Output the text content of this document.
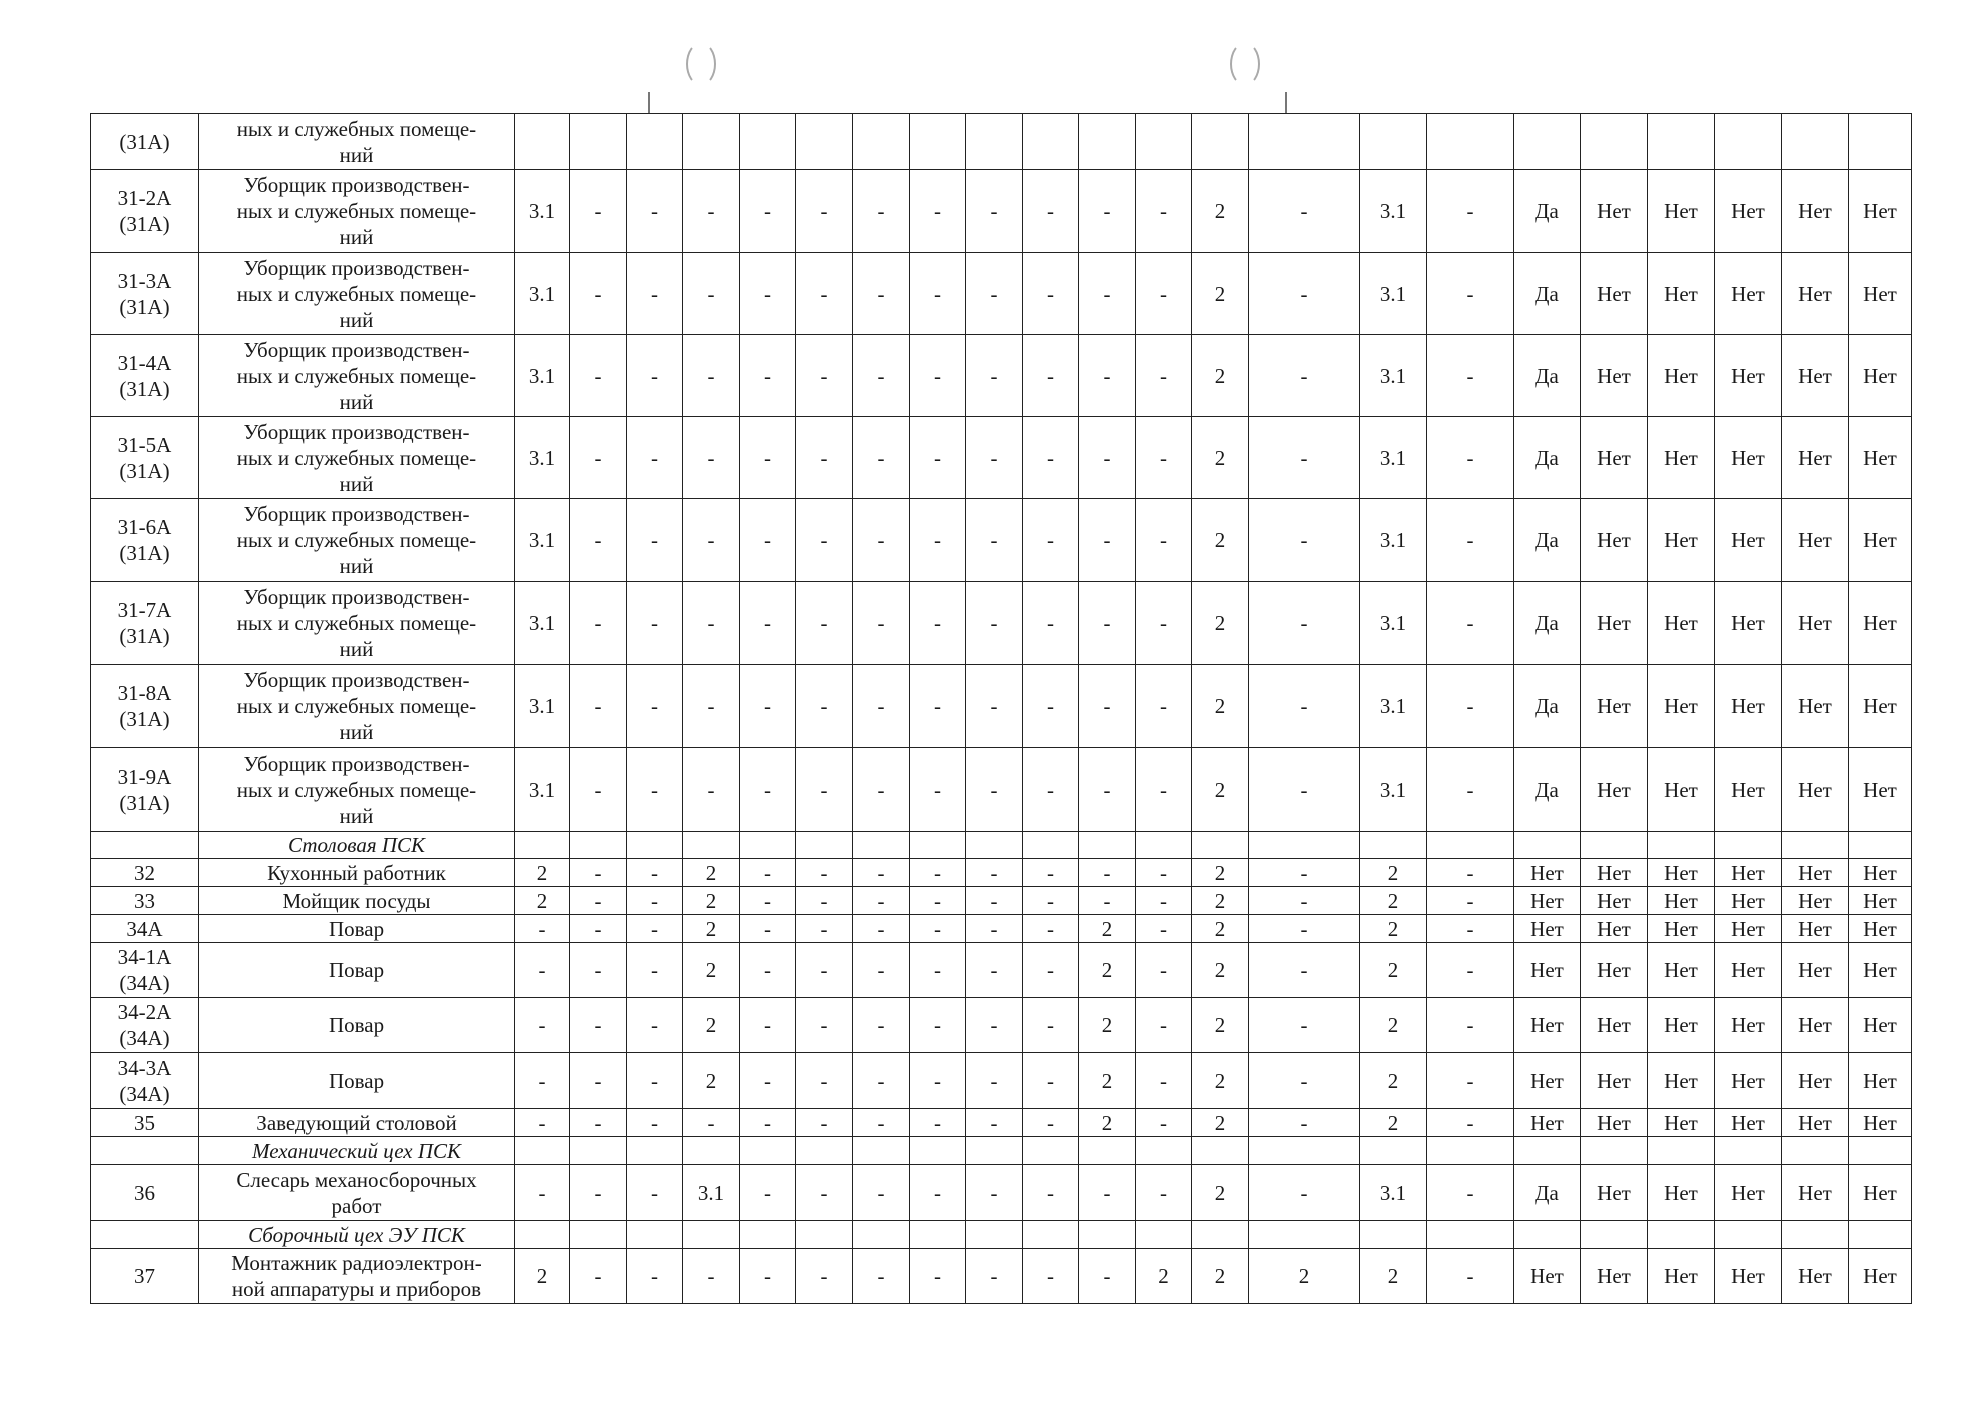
(31A)	ных и служебных помеще-
ний																						
31-2А
(31А)	Уборщик производствен-
ных и служебных помеще-
ний	3.1	-	-	-	-	-	-	-	-	-	-	-	2	-	3.1	-	Да	Нет	Нет	Нет	Нет	Нет
31-3А
(31А)	Уборщик производствен-
ных и служебных помеще-
ний	3.1	-	-	-	-	-	-	-	-	-	-	-	2	-	3.1	-	Да	Нет	Нет	Нет	Нет	Нет
31-4А
(31А)	Уборщик производствен-
ных и служебных помеще-
ний	3.1	-	-	-	-	-	-	-	-	-	-	-	2	-	3.1	-	Да	Нет	Нет	Нет	Нет	Нет
31-5А
(31А)	Уборщик производствен-
ных и служебных помеще-
ний	3.1	-	-	-	-	-	-	-	-	-	-	-	2	-	3.1	-	Да	Нет	Нет	Нет	Нет	Нет
31-6А
(31А)	Уборщик производствен-
ных и служебных помеще-
ний	3.1	-	-	-	-	-	-	-	-	-	-	-	2	-	3.1	-	Да	Нет	Нет	Нет	Нет	Нет
31-7А
(31А)	Уборщик производствен-
ных и служебных помеще-
ний	3.1	-	-	-	-	-	-	-	-	-	-	-	2	-	3.1	-	Да	Нет	Нет	Нет	Нет	Нет
31-8А
(31А)	Уборщик производствен-
ных и служебных помеще-
ний	3.1	-	-	-	-	-	-	-	-	-	-	-	2	-	3.1	-	Да	Нет	Нет	Нет	Нет	Нет
31-9А
(31А)	Уборщик производствен-
ных и служебных помеще-
ний	3.1	-	-	-	-	-	-	-	-	-	-	-	2	-	3.1	-	Да	Нет	Нет	Нет	Нет	Нет
	Столовая ПСК																						
32	Кухонный работник	2	-	-	2	-	-	-	-	-	-	-	-	2	-	2	-	Нет	Нет	Нет	Нет	Нет	Нет
33	Мойщик посуды	2	-	-	2	-	-	-	-	-	-	-	-	2	-	2	-	Нет	Нет	Нет	Нет	Нет	Нет
34А	Повар	-	-	-	2	-	-	-	-	-	-	2	-	2	-	2	-	Нет	Нет	Нет	Нет	Нет	Нет
34-1А
(34А)	Повар	-	-	-	2	-	-	-	-	-	-	2	-	2	-	2	-	Нет	Нет	Нет	Нет	Нет	Нет
34-2А
(34А)	Повар	-	-	-	2	-	-	-	-	-	-	2	-	2	-	2	-	Нет	Нет	Нет	Нет	Нет	Нет
34-3А
(34А)	Повар	-	-	-	2	-	-	-	-	-	-	2	-	2	-	2	-	Нет	Нет	Нет	Нет	Нет	Нет
35	Заведующий столовой	-	-	-	-	-	-	-	-	-	-	2	-	2	-	2	-	Нет	Нет	Нет	Нет	Нет	Нет
	Механический цех ПСК																						
36	Слесарь механосборочных
работ	-	-	-	3.1	-	-	-	-	-	-	-	-	2	-	3.1	-	Да	Нет	Нет	Нет	Нет	Нет
	Сборочный цех ЭУ ПСК																						
37	Монтажник радиоэлектрон-
ной аппаратуры и приборов	2	-	-	-	-	-	-	-	-	-	-	2	2	2	2	-	Нет	Нет	Нет	Нет	Нет	Нет
